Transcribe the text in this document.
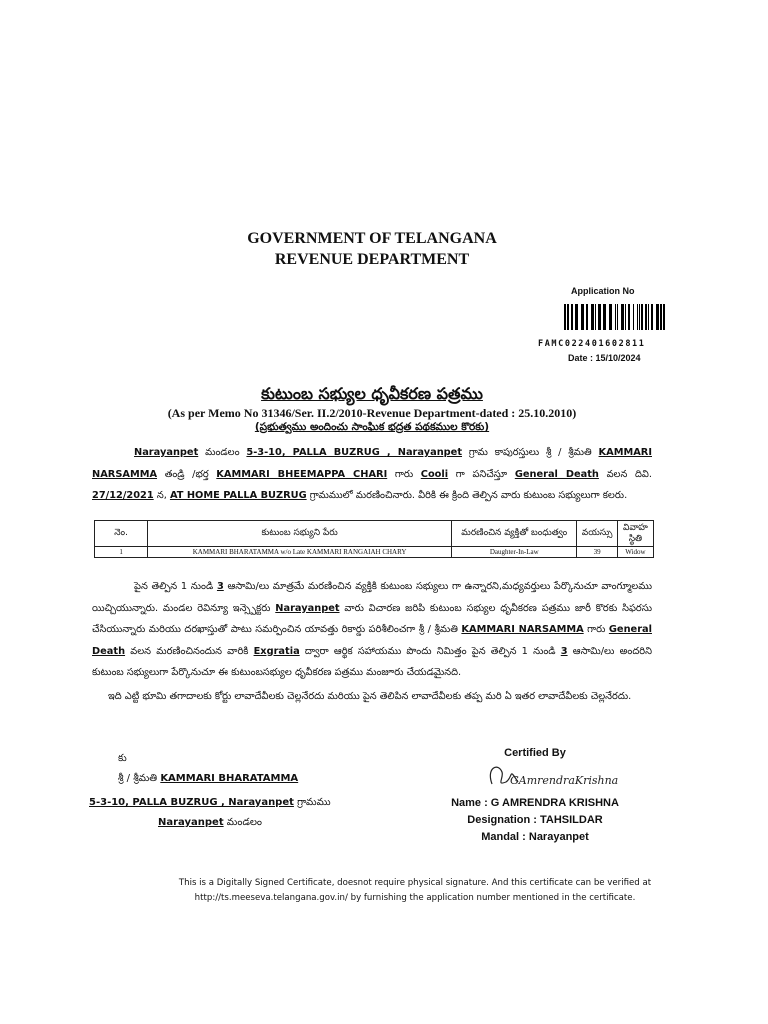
GOVERNMENT OF TELANGANA
REVENUE DEPARTMENT
Application No
FAMC022401602811
Date : 15/10/2024
కుటుంబ సభ్యుల ధృవీకరణ పత్రము
(As per Memo No 31346/Ser. II.2/2010-Revenue Department-dated : 25.10.2010)
(ప్రభుత్వము అందించు సాంఘిక భద్రత పథకముల కొరకు)
Narayanpet మండలం 5-3-10, PALLA BUZRUG , Narayanpet గ్రామ కాపురస్తులు శ్రీ / శ్రీమతి KAMMARI NARSAMMA తండ్రి /భర్త KAMMARI BHEEMAPPA CHARI గారు Cooli గా పనిచేస్తూ General Death వలన దివి. 27/12/2021 న, AT HOME PALLA BUZRUG గ్రామములో మరణించినారు. వీరికి ఈ క్రింది తెల్పిన వారు కుటుంబ సభ్యులుగా కలరు.
నెం.	కుటుంబ సభ్యుని పేరు	మరణించిన వ్యక్తితో బంధుత్వం	వయస్సు	వివాహ స్థితి
1	KAMMARI BHARATAMMA w/o Late KAMMARI RANGAIAH CHARY	Daughter-In-Law	39	Widow
పైన తెల్పిన 1 నుండి 3 ఆసామి/లు మాత్రమే మరణించిన వ్యక్తికి కుటుంబ సభ్యులు గా ఉన్నారని,మధ్యవర్తులు పేర్కొనుచూ వాంగ్మూలము యిచ్చియున్నారు. మండల రెవిన్యూ ఇన్స్పెక్టరు Narayanpet వారు విచారణ జరిపి కుటుంబ సభ్యుల ధృవీకరణ పత్రము జారీ కొరకు సిఫరసు చేసియున్నారు మరియు దరఖాస్తుతో పాటు సమర్పించిన యావత్తు రికార్డు పరిశీలించగా శ్రీ / శ్రీమతి KAMMARI NARSAMMA గారు General Death వలన మరణించినందున వారికి Exgratia ద్వారా ఆర్థిక సహాయము పొందు నిమిత్తం పైన తెల్పిన 1 నుండి 3 ఆసామి/లు అందరిని కుటుంబ సభ్యులుగా పేర్కొనుచూ ఈ కుటుంబసభ్యుల ధృవీకరణ పత్రము మంజూరు చేయడమైనది.
ఇది ఎట్టి భూమి తగాదాలకు కోర్టు లావాదేవీలకు చెల్లనేరదు మరియు పైన తెలిపిన లావాదేవీలకు తప్ప మరి ఏ ఇతర లావాదేవీలకు చెల్లనేరదు.
కు
శ్రీ / శ్రీమతి KAMMARI BHARATAMMA
5-3-10, PALLA BUZRUG , Narayanpet గ్రామము
Narayanpet మండలం
Certified By
GAmrendraKrishna
Name : G AMRENDRA KRISHNA
Designation : TAHSILDAR
Mandal : Narayanpet
This is a Digitally Signed Certificate, doesnot require physical signature. And this certificate can be verified at http://ts.meeseva.telangana.gov.in/ by furnishing the application number mentioned in the certificate.
